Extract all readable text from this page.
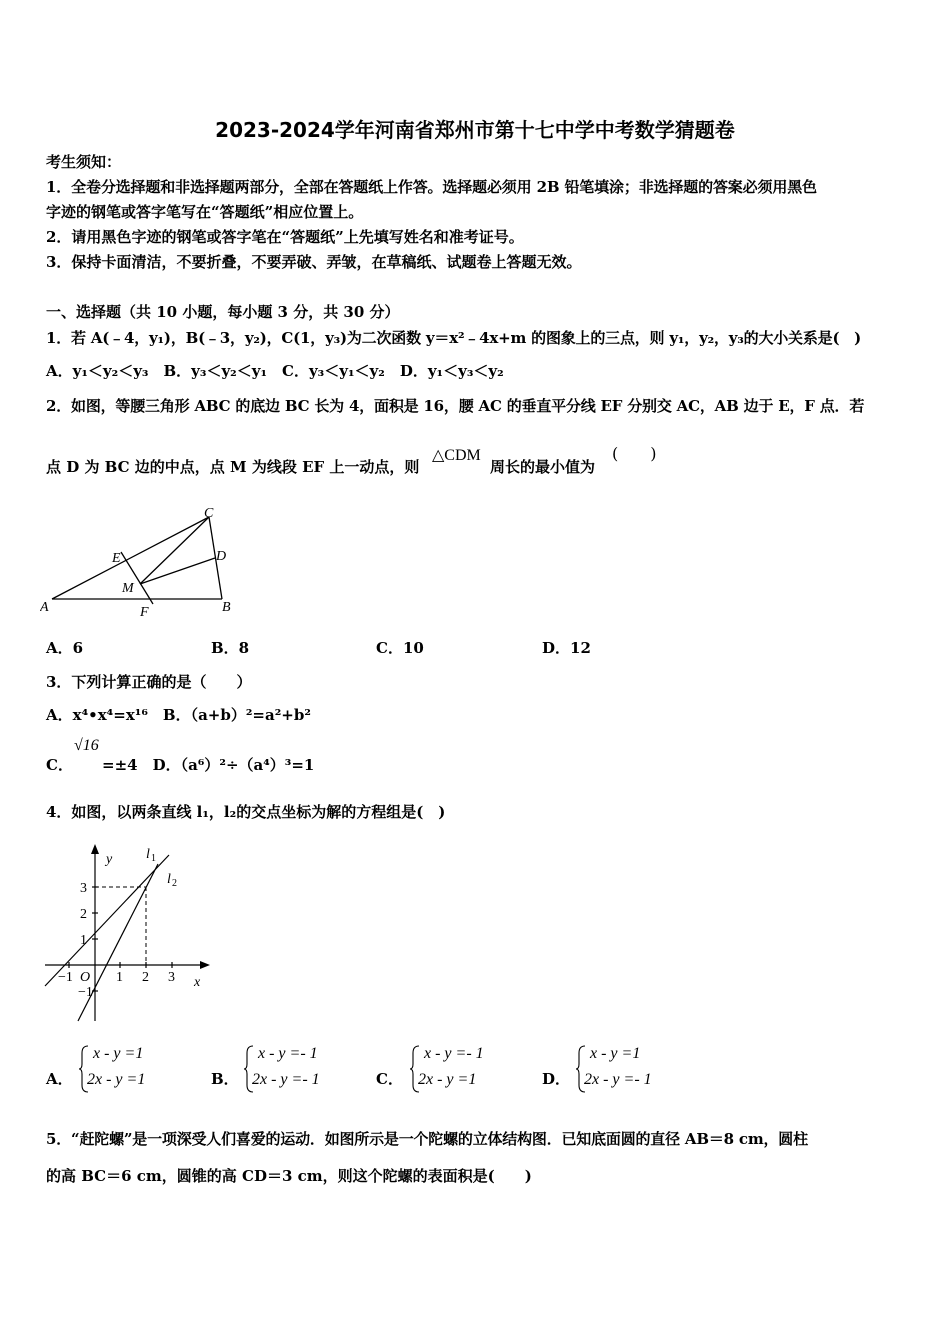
2023-2024学年河南省郑州市第十七中学中考数学猜题卷
考生须知：
1．全卷分选择题和非选择题两部分，全部在答题纸上作答。选择题必须用 2B 铅笔填涂；非选择题的答案必须用黑色
字迹的钢笔或答字笔写在“答题纸”相应位置上。
2．请用黑色字迹的钢笔或答字笔在“答题纸”上先填写姓名和准考证号。
3．保持卡面清洁，不要折叠，不要弄破、弄皱，在草稿纸、试题卷上答题无效。
一、选择题（共 10 小题，每小题 3 分，共 30 分）
1．若 A(﹣4，y₁)，B(﹣3，y₂)，C(1，y₃)为二次函数 y＝x²﹣4x+m 的图象上的三点，则 y₁，y₂，y₃的大小关系是(　)
A．y₁＜y₂＜y₃　B．y₃＜y₂＜y₁　C．y₃＜y₁＜y₂　D．y₁＜y₃＜y₂
2．如图，等腰三角形 ABC 的底边 BC 长为 4，面积是 16，腰 AC 的垂直平分线 EF 分别交 AC，AB 边于 E，F 点．若
点 D 为 BC 边的中点，点 M 为线段 EF 上一动点，则
△CDM
周长的最小值为
(　　)
A	B
C
D
E
F
M
A．6	B．8	C．10	D．12
3．下列计算正确的是（　　）
A．x⁴•x⁴=x¹⁶　B．（a+b）²=a²+b²
C．
√16
=±4　D．（a⁶）²÷（a⁴）³=1
4．如图，以两条直线 l₁，l₂的交点坐标为解的方程组是(　)
y
x
l 1
l 2
3
2
1
−1
−1 O 1 2 3
A．
x - y =1
2x - y =1	B．
x - y =- 1
2x - y =- 1	C．
x - y =- 1
2x - y =1	D．
x - y =1
2x - y =- 1
5．“赶陀螺”是一项深受人们喜爱的运动．如图所示是一个陀螺的立体结构图．已知底面圆的直径 AB＝8 cm，圆柱
的高 BC＝6 cm，圆锥的高 CD＝3 cm，则这个陀螺的表面积是(　　)
